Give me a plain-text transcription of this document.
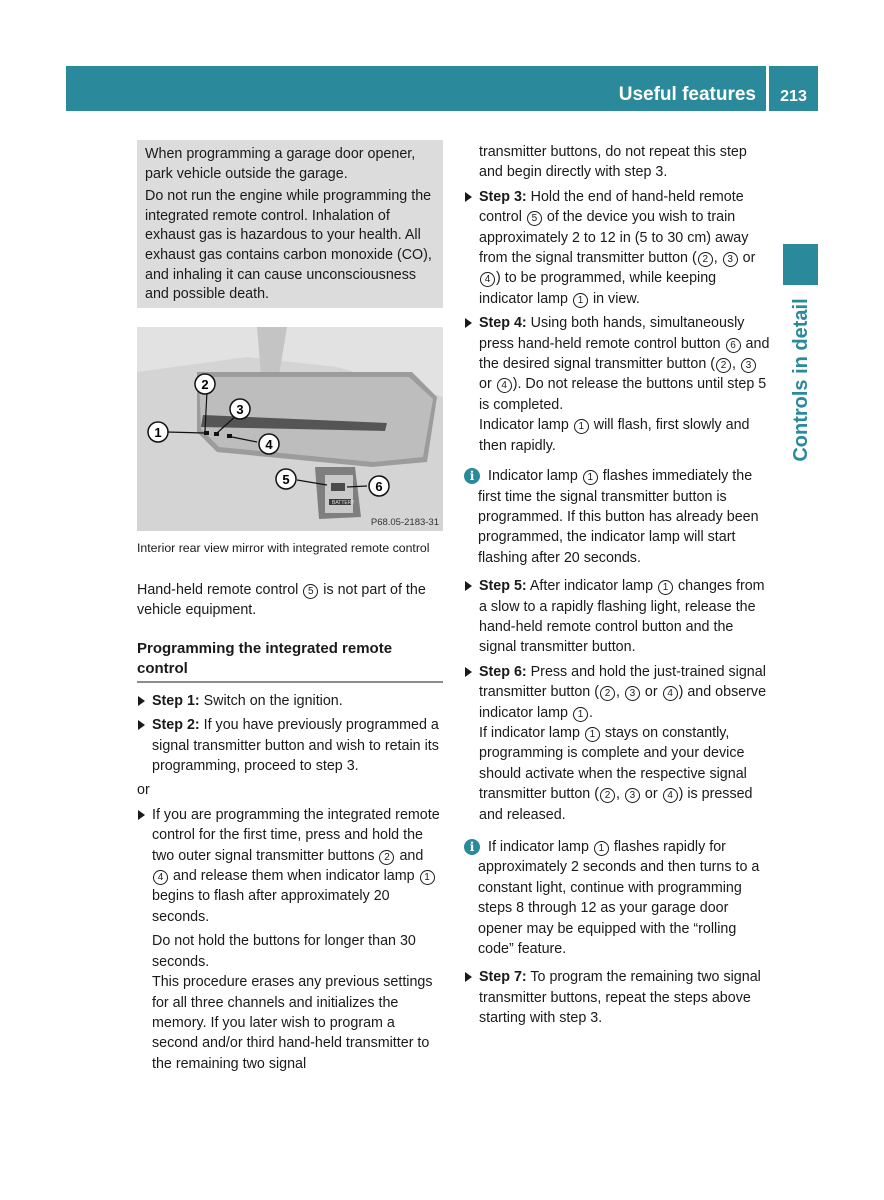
Useful features	213
Controls in detail

When programming a garage door opener, park vehicle outside the garage.

Do not run the engine while programming the integrated remote control. Inhalation of exhaust gas is hazardous to your health. All exhaust gas contains carbon monoxide (CO), and inhaling it can cause unconsciousness and possible death.

BATTERY
1
2
3
4
5	6
P68.05-2183-31
Interior rear view mirror with integrated remote control

Hand-held remote control 5 is not part of the vehicle equipment.

Programming the integrated remote control
Step 1: Switch on the ignition.
Step 2: If you have previously programmed a signal transmitter button and wish to retain its programming, proceed to step 3.

or

If you are programming the integrated remote control for the first time, press and hold the two outer signal transmitter buttons 2 and 4 and release them when indicator lamp 1 begins to flash after approximately 20 seconds.

Do not hold the buttons for longer than 30 seconds.

This procedure erases any previous settings for all three channels and initializes the memory. If you later wish to program a second and/or third hand-held transmitter to the remaining two signal

transmitter buttons, do not repeat this step and begin directly with step 3.

Step 3: Hold the end of hand-held remote control 5 of the device you wish to train approximately 2 to 12 in (5 to 30 cm) away from the signal transmitter button ( 2 , 3 or 4 ) to be programmed, while keeping indicator lamp 1 in view.
Step 4: Using both hands, simultaneously press hand-held remote control button 6 and the desired signal transmitter button ( 2 , 3 or 4 ). Do not release the buttons until step 5 is completed.

Indicator lamp 1 will flash, first slowly and then rapidly.

i Indicator lamp 1 flashes immediately the first time the signal transmitter button is programmed. If this button has already been programmed, the indicator lamp will start flashing after 20 seconds.
Step 5: After indicator lamp 1 changes from a slow to a rapidly flashing light, release the hand-held remote control button and the signal transmitter button.
Step 6: Press and hold the just-trained signal transmitter button ( 2 , 3 or 4 ) and observe indicator lamp 1 .

If indicator lamp 1 stays on constantly, programming is complete and your device should activate when the respective signal transmitter button ( 2 , 3 or 4 ) is pressed and released.

i If indicator lamp 1 flashes rapidly for approximately 2 seconds and then turns to a constant light, continue with programming steps 8 through 12 as your garage door opener may be equipped with the “rolling code” feature.
Step 7: To program the remaining two signal transmitter buttons, repeat the steps above starting with step 3.
